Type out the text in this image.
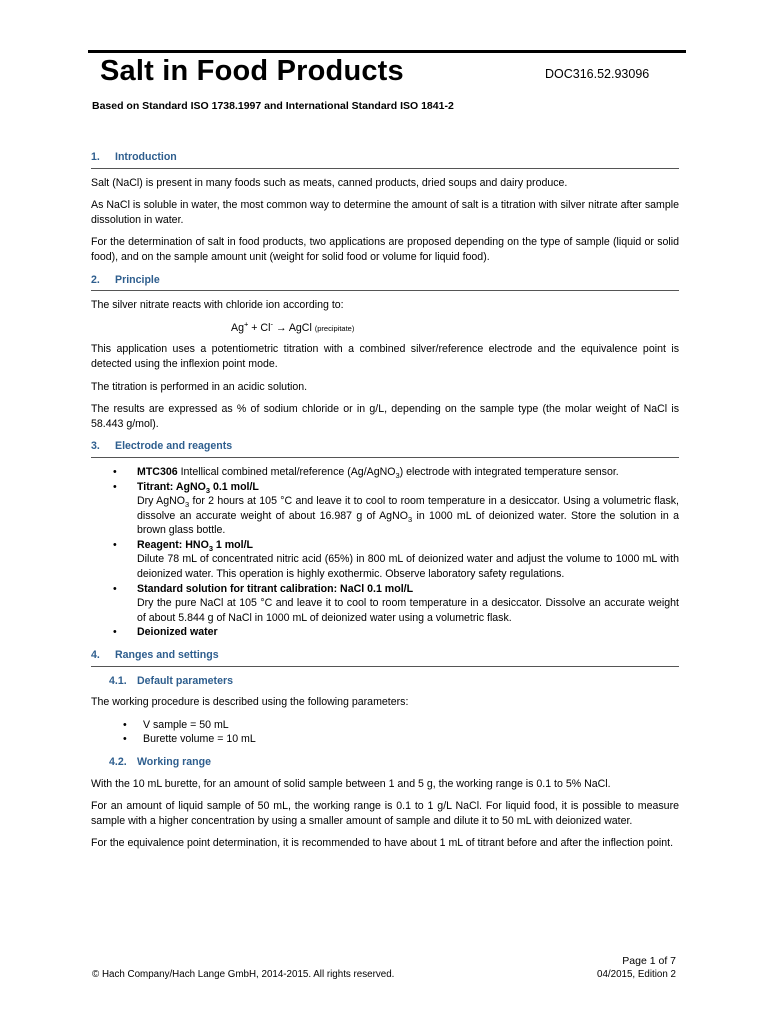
Salt in Food Products	DOC316.52.93096
Based on Standard ISO 1738.1997 and International Standard ISO 1841-2
1. Introduction

Salt (NaCl) is present in many foods such as meats, canned products, dried soups and dairy produce.

As NaCl is soluble in water, the most common way to determine the amount of salt is a titration with silver nitrate after sample dissolution in water.

For the determination of salt in food products, two applications are proposed depending on the type of sample (liquid or solid food), and on the sample amount unit (weight for solid food or volume for liquid food).

2. Principle

The silver nitrate reacts with chloride ion according to:

Ag+ + Cl- → AgCl (precipitate)

This application uses a potentiometric titration with a combined silver/reference electrode and the equivalence point is detected using the inflexion point mode.

The titration is performed in an acidic solution.

The results are expressed as % of sodium chloride or in g/L, depending on the sample type (the molar weight of NaCl is 58.443 g/mol).

3. Electrode and reagents
• MTC306 Intellical combined metal/reference (Ag/AgNO$_3$) electrode with integrated temperature sensor.
• Titrant: AgNO$_3$ 0.1 mol/L
Dry AgNO$_3$ for 2 hours at 105 °C and leave it to cool to room temperature in a desiccator. Using a volumetric flask, dissolve an accurate weight of about 16.987 g of AgNO$_3$ in 1000 mL of deionized water. Store the solution in a brown glass bottle.
• Reagent: $HNO_3$ 1 mol/L
Dilute 78 mL of concentrated nitric acid (65%) in 800 mL of deionized water and adjust the volume to 1000 mL with deionized water. This operation is highly exothermic. Observe laboratory safety regulations.
• Standard solution for titrant calibration: NaCl 0.1 mol/L
Dry the pure NaCl at 105 °C and leave it to cool to room temperature in a desiccator. Dissolve an accurate weight of about 5.844 g of NaCl in 1000 mL of deionized water using a volumetric flask.
• Deionized water
4. Ranges and settings
4.1. Default parameters

The working procedure is described using the following parameters:

• V sample = 50 mL
• Burette volume = 10 mL
4.2. Working range

With the 10 mL burette, for an amount of solid sample between 1 and 5 g, the working range is 0.1 to 5% NaCl.

For an amount of liquid sample of 50 mL, the working range is 0.1 to 1 g/L NaCl. For liquid food, it is possible to measure sample with a higher concentration by using a smaller amount of sample and dilute it to 50 mL with deionized water.

For the equivalence point determination, it is recommended to have about 1 mL of titrant before and after the inflection point.

Page 1 of 7
© Hach Company/Hach Lange GmbH, 2014-2015. All rights reserved.	04/2015, Edition 2
